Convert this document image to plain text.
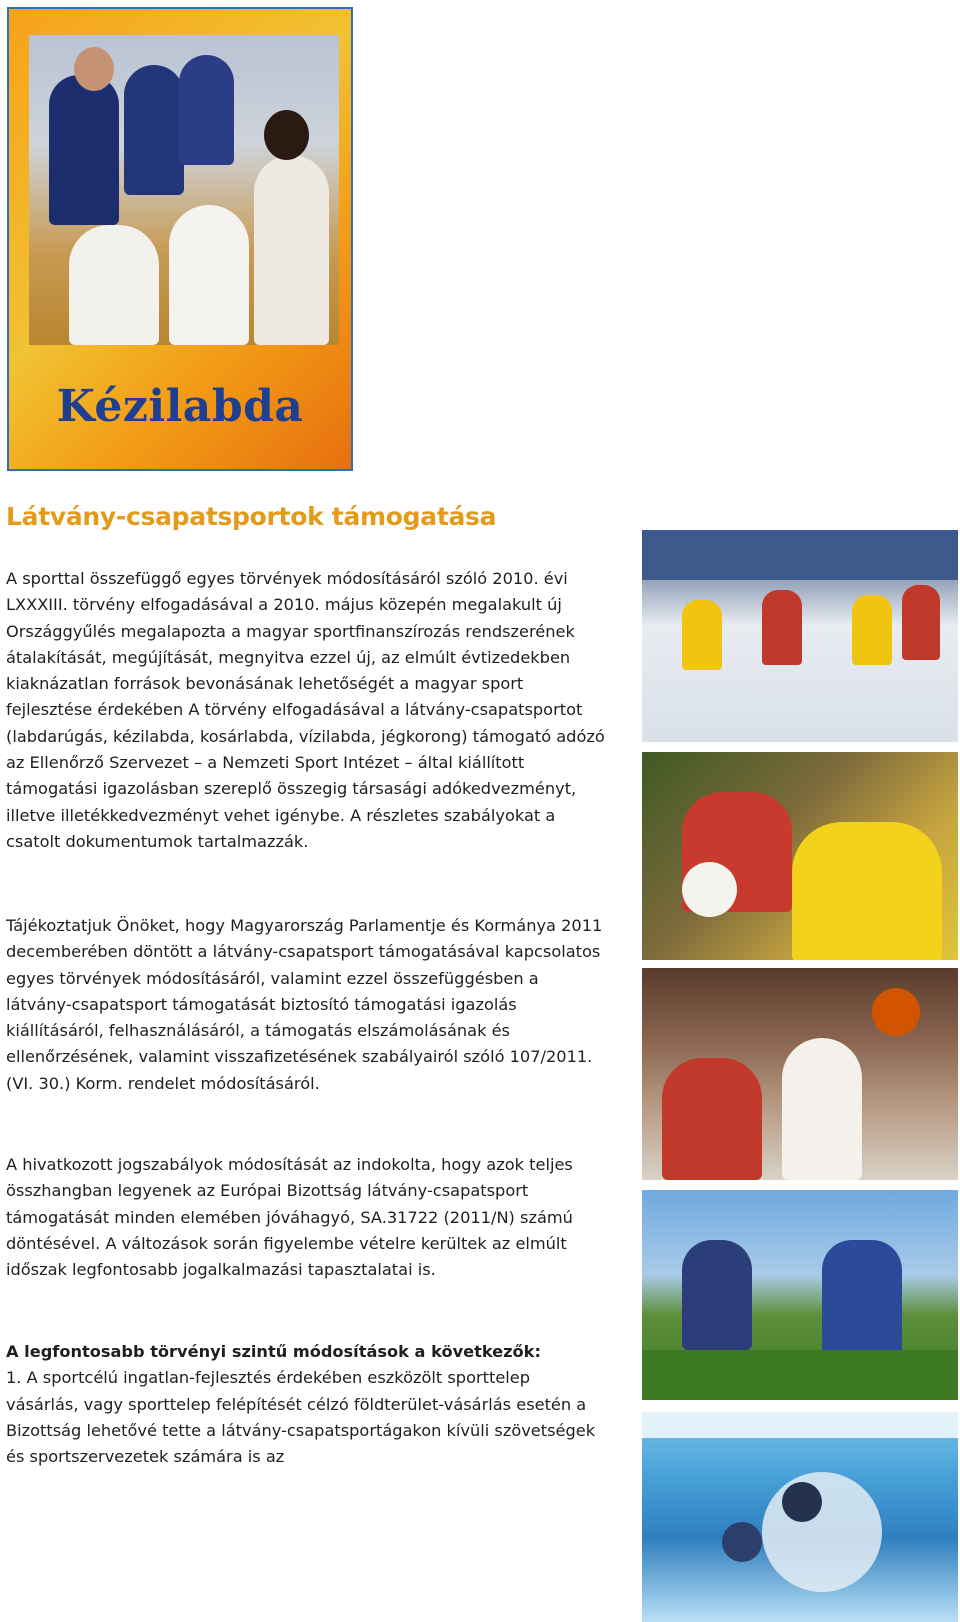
Kézilabda
Látvány-csapatsportok támogatása

A sporttal összefüggő egyes törvények módosításáról szóló 2010. évi LXXXIII. törvény elfogadásával a 2010. május közepén megalakult új Országgyűlés megalapozta a magyar sportfinanszírozás rendszerének átalakítását, megújítását, megnyitva ezzel új, az elmúlt évtizedekben kiaknázatlan források bevonásának lehetőségét a magyar sport fejlesztése érdekében A törvény elfogadásával a látvány-csapatsportot (labdarúgás, kézilabda, kosárlabda, vízilabda, jégkorong) támogató adózó az Ellenőrző Szervezet – a Nemzeti Sport Intézet – által kiállított támogatási igazolásban szereplő összegig társasági adókedvezményt, illetve illetékkedvezményt vehet igénybe. A részletes szabályokat a csatolt dokumentumok tartalmazzák.

Tájékoztatjuk Önöket, hogy Magyarország Parlamentje és Kormánya 2011 decemberében döntött a látvány-csapatsport támogatásával kapcsolatos egyes törvények módosításáról, valamint ezzel összefüggésben a látvány-csapatsport támogatását biztosító támogatási igazolás kiállításáról, felhasználásáról, a támogatás elszámolásának és ellenőrzésének, valamint visszafizetésének szabályairól szóló 107/2011. (VI. 30.) Korm. rendelet módosításáról.

A hivatkozott jogszabályok módosítását az indokolta, hogy azok teljes összhangban legyenek az Európai Bizottság látvány-csapatsport támogatását minden elemében jóváhagyó, SA.31722 (2011/N) számú döntésével. A változások során figyelembe vételre kerültek az elmúlt időszak legfontosabb jogalkalmazási tapasztalatai is.

A legfontosabb törvényi szintű módosítások a következők:
1. A sportcélú ingatlan-fejlesztés érdekében eszközölt sporttelep vásárlás, vagy sporttelep felépítését célzó földterület-vásárlás esetén a Bizottság lehetővé tette a látvány-csapatsportágakon kívüli szövetségek és sportszervezetek számára is az
